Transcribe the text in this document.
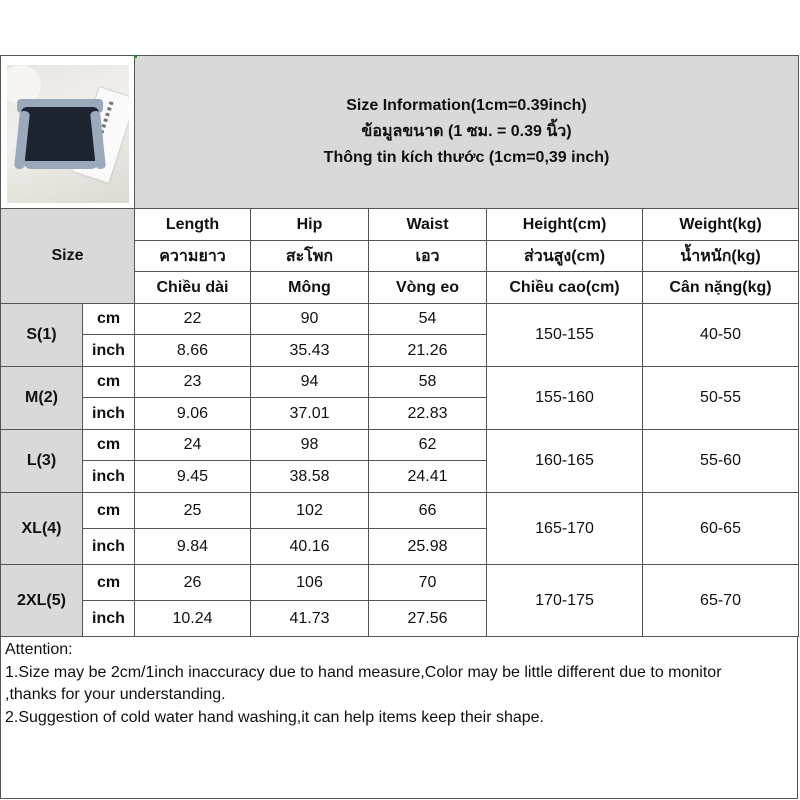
		Size Information(1cm=0.39inch)
ข้อมูลขนาด (1 ซม. = 0.39 นิ้ว)
Thông tin kích thước (1cm=0,39 inch)				

Size		Length	Hip	Waist	Height(cm)	Weight(kg)
		ความยาว	สะโพก	เอว	ส่วนสูง(cm)	น้ำหนัก(kg)
		Chiều dài	Mông	Vòng eo	Chiều cao(cm)	Cân nặng(kg)
S(1)	cm	22	90	54	150-155	40-50
	inch	8.66	35.43	21.26		
M(2)	cm	23	94	58	155-160	50-55
	inch	9.06	37.01	22.83		
L(3)	cm	24	98	62	160-165	55-60
	inch	9.45	38.58	24.41		
XL(4)	cm	25	102	66	165-170	60-65
	inch	9.84	40.16	25.98		
2XL(5)	cm	26	106	70	170-175	65-70
	inch	10.24	41.73	27.56		
Attention:
1.Size may be 2cm/1inch inaccuracy due to hand measure,Color may be little different due to monitor
,thanks for your understanding.
2.Suggestion of cold water hand washing,it can help items keep their shape.
